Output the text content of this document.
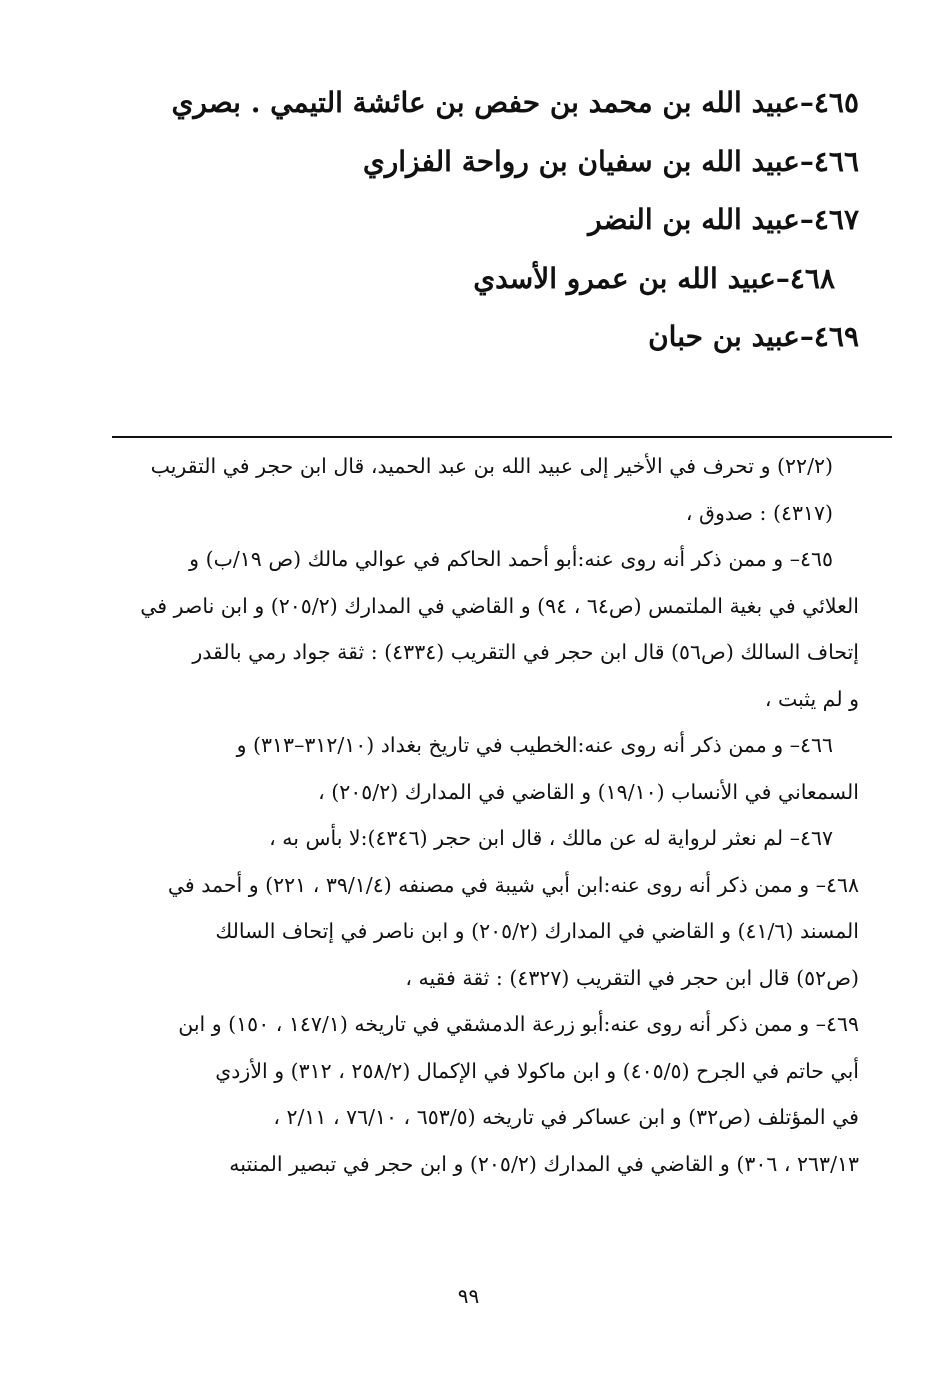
٤٦٥–عبيد الله بن محمد بن حفص بن عائشة التيمي . بصري
٤٦٦–عبيد الله بن سفيان بن رواحة الفزاري
٤٦٧–عبيد الله بن النضر
٤٦٨–عبيد الله بن عمرو الأسدي
٤٦٩–عبيد بن حبان
(٢٢/٢) و تحرف في الأخير إلى عبيد الله بن عبد الحميد، قال ابن حجر في التقريب
(٤٣١٧) : صدوق ،
٤٦٥– و ممن ذكر أنه روى عنه:أبو أحمد الحاكم في عوالي مالك (ص ١٩/ب) و
العلائي في بغية الملتمس (ص٦٤ ، ٩٤) و القاضي في المدارك (٢٠٥/٢) و ابن ناصر في
إتحاف السالك (ص٥٦) قال ابن حجر في التقريب (٤٣٣٤) : ثقة جواد رمي بالقدر
و لم يثبت ،
٤٦٦– و ممن ذكر أنه روى عنه:الخطيب في تاريخ بغداد (٣١٢/١٠–٣١٣) و
السمعاني في الأنساب (١٩/١٠) و القاضي في المدارك (٢٠٥/٢) ،
٤٦٧– لم نعثر لرواية له عن مالك ، قال ابن حجر (٤٣٤٦):لا بأس به ،
٤٦٨– و ممن ذكر أنه روى عنه:ابن أبي شيبة في مصنفه (٣٩/١/٤ ، ٢٢١) و أحمد في
المسند (٤١/٦) و القاضي في المدارك (٢٠٥/٢) و ابن ناصر في إتحاف السالك
(ص٥٢) قال ابن حجر في التقريب (٤٣٢٧) : ثقة فقيه ،
٤٦٩– و ممن ذكر أنه روى عنه:أبو زرعة الدمشقي في تاريخه (١٤٧/١ ، ١٥٠) و ابن
أبي حاتم في الجرح (٤٠٥/٥) و ابن ماكولا في الإكمال (٢٥٨/٢ ، ٣١٢) و الأزدي
في المؤتلف (ص٣٢) و ابن عساكر في تاريخه (٦٥٣/٥ ، ٧٦/١٠ ، ٢/١١ ،
٢٦٣/١٣ ، ٣٠٦) و القاضي في المدارك (٢٠٥/٢) و ابن حجر في تبصير المنتبه
٩٩
